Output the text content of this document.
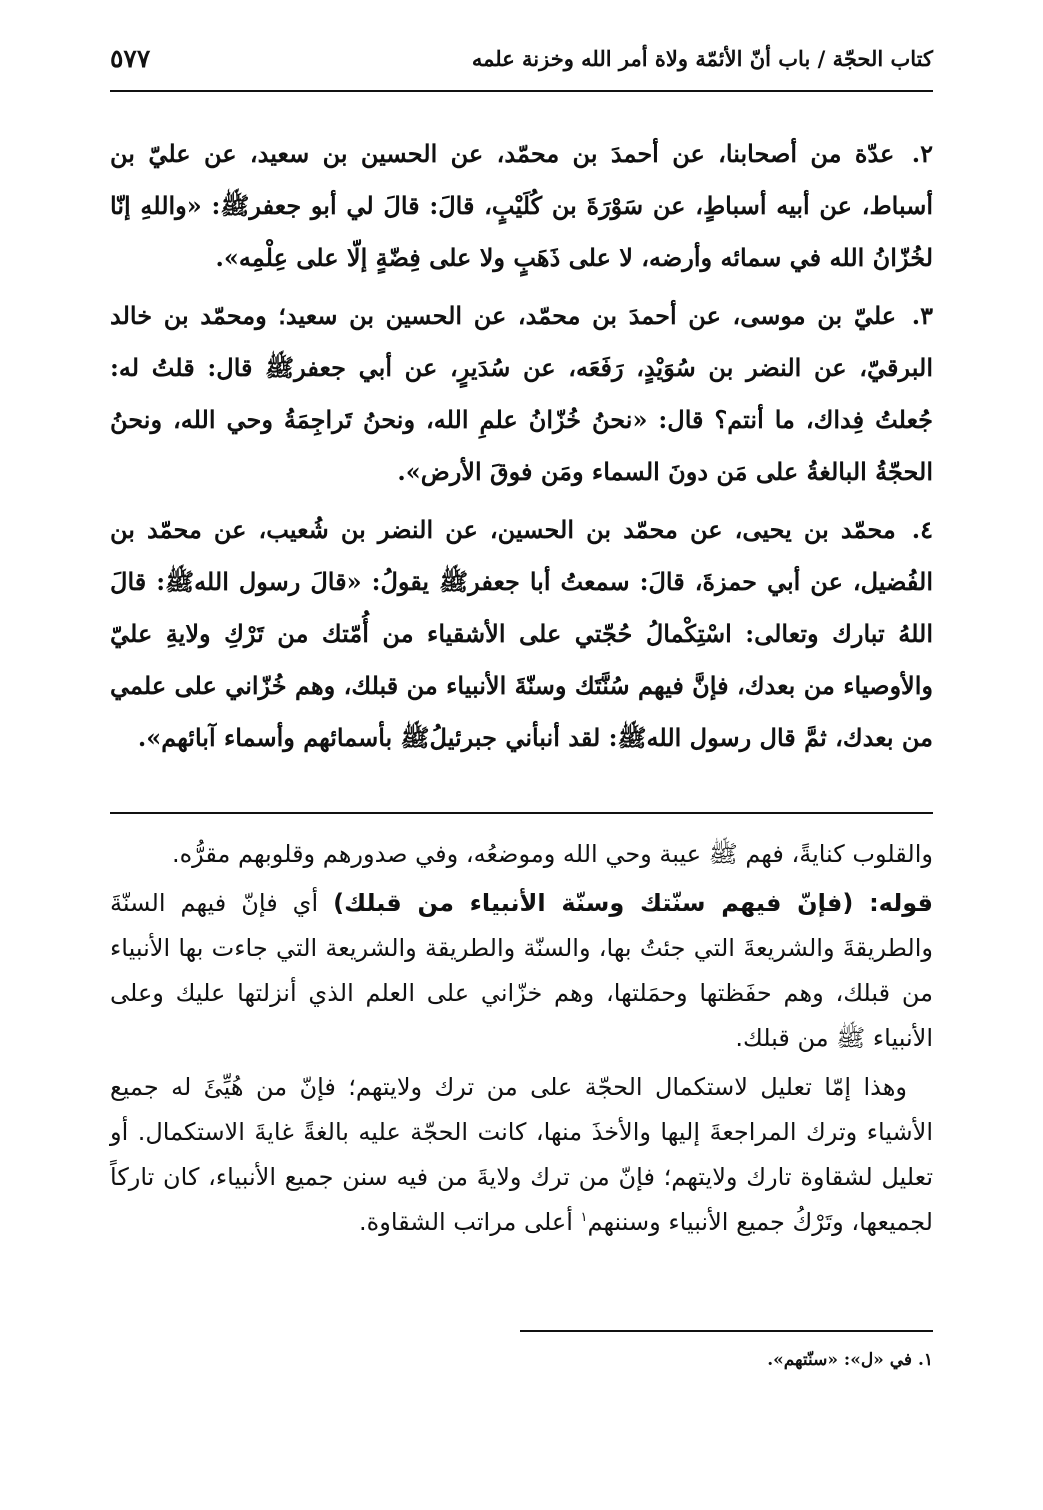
كتاب الحجّة / باب أنّ الأئمّة ولاة أمر الله وخزنة علمه
٥٧٧

٢. عدّة من أصحابنا، عن أحمدَ بن محمّد، عن الحسين بن سعيد، عن عليّ بن أسباط، عن أبيه أسباطٍ، عن سَوْرَةَ بن كُلَيْبٍ، قالَ: قالَ لي أبو جعفرﷺ: «واللهِ إنّا لخُزّانُ الله في سمائه وأرضه، لا على ذَهَبٍ ولا على فِضّةٍ إلّا على عِلْمِه».

٣. عليّ بن موسى، عن أحمدَ بن محمّد، عن الحسين بن سعيد؛ ومحمّد بن خالد البرقيّ، عن النضر بن سُوَيْدٍ، رَفَعَه، عن سُدَيرٍ، عن أبي جعفرﷺ قال: قلتُ له: جُعلتُ فِداك، ما أنتم؟ قال: «نحنُ خُزّانُ علمِ الله، ونحنُ تَراجِمَةُ وحي الله، ونحنُ الحجّةُ البالغةُ على مَن دونَ السماء ومَن فوقَ الأرض».

٤. محمّد بن يحيى، عن محمّد بن الحسين، عن النضر بن شُعيب، عن محمّد بن الفُضيل، عن أبي حمزةَ، قالَ: سمعتُ أبا جعفرﷺ يقولُ: «قالَ رسول اللهﷺ: قالَ اللهُ تبارك وتعالى: اسْتِكْمالُ حُجّتي على الأشقياء من أُمّتك من تَرْكِ ولايةِ عليّ والأوصياء من بعدك، فإنَّ فيهم سُنَّتَك وسنّةَ الأنبياء من قبلك، وهم خُزّاني على علمي من بعدك، ثمَّ قال رسول اللهﷺ: لقد أنبأني جبرئيلُﷺ بأسمائهم وأسماء آبائهم».

والقلوب كنايةً، فهم ﷺ عيبة وحي الله وموضعُه، وفي صدورهم وقلوبهم مقرُّه.

قوله: (فإنّ فيهم سنّتك وسنّة الأنبياء من قبلك) أي فإنّ فيهم السنّةَ والطريقةَ والشريعةَ التي جئتُ بها، والسنّة والطريقة والشريعة التي جاءت بها الأنبياء من قبلك، وهم حفَظتها وحمَلتها، وهم خزّاني على العلم الذي أنزلتها عليك وعلى الأنبياء ﷺ من قبلك.

وهذا إمّا تعليل لاستكمال الحجّة على من ترك ولايتهم؛ فإنّ من هُيِّئَ له جميع الأشياء وترك المراجعةَ إليها والأخذَ منها، كانت الحجّة عليه بالغةً غايةَ الاستكمال. أو تعليل لشقاوة تارك ولايتهم؛ فإنّ من ترك ولايةَ من فيه سنن جميع الأنبياء، كان تاركاً لجميعها، وتَرْكُ جميع الأنبياء وسننهم$^١$ أعلى مراتب الشقاوة.

١. في «ل»: «سنّتهم».
